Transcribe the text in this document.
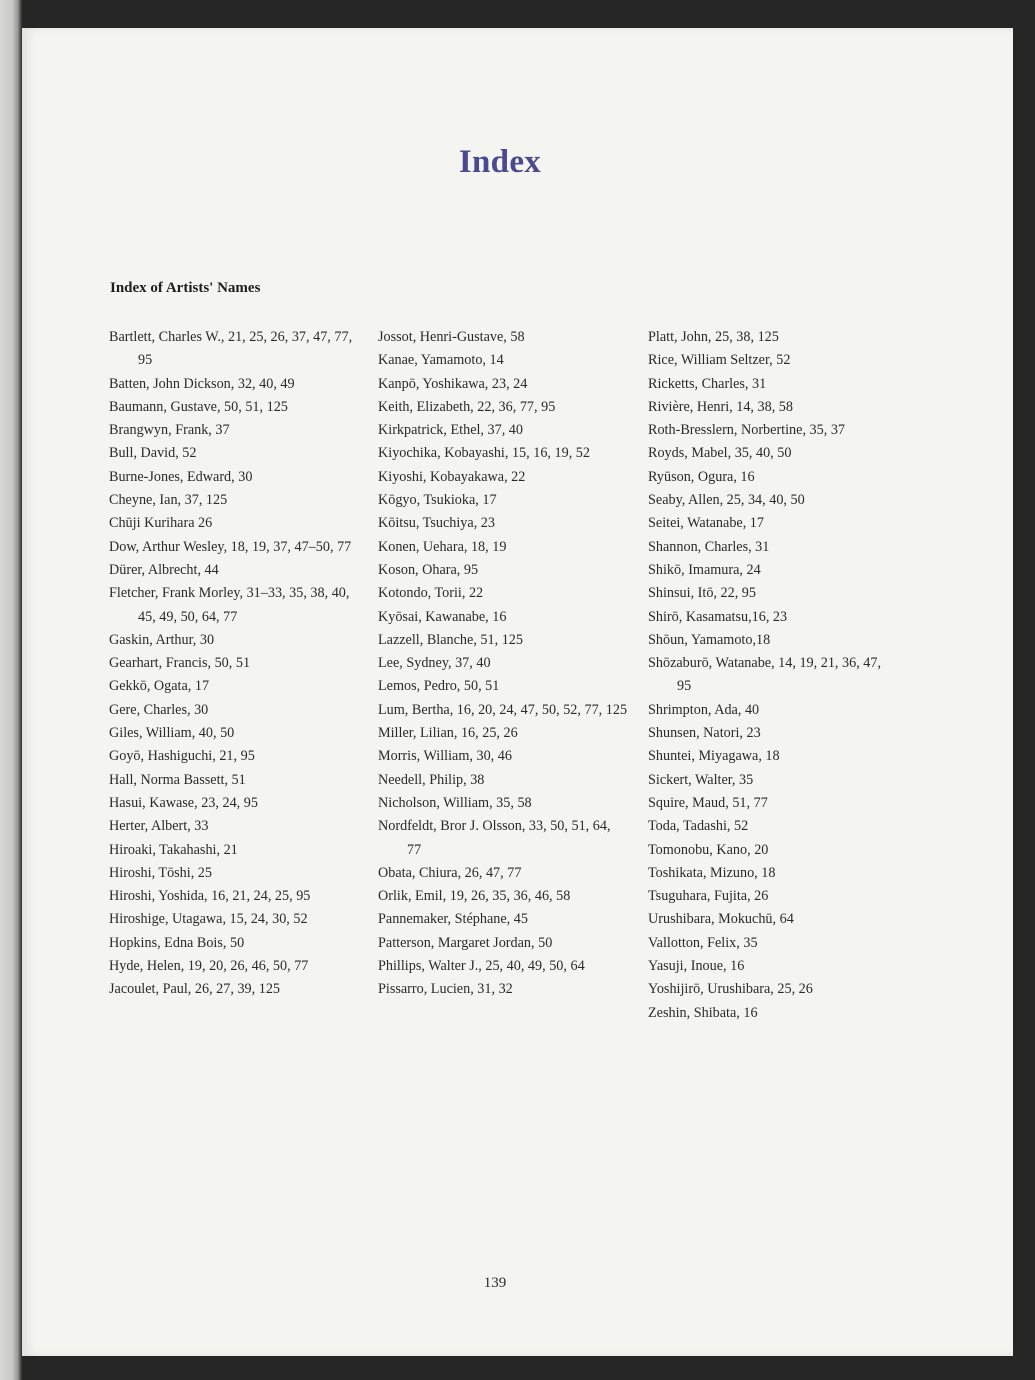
Index
Index of Artists' Names
Bartlett, Charles W., 21, 25, 26, 37, 47, 77, 95
Batten, John Dickson, 32, 40, 49
Baumann, Gustave, 50, 51, 125
Brangwyn, Frank, 37
Bull, David, 52
Burne-Jones, Edward, 30
Cheyne, Ian, 37, 125
Chūji Kurihara 26
Dow, Arthur Wesley, 18, 19, 37, 47–50, 77
Dürer, Albrecht, 44
Fletcher, Frank Morley, 31–33, 35, 38, 40, 45, 49, 50, 64, 77
Gaskin, Arthur, 30
Gearhart, Francis, 50, 51
Gekkō, Ogata, 17
Gere, Charles, 30
Giles, William, 40, 50
Goyō, Hashiguchi, 21, 95
Hall, Norma Bassett, 51
Hasui, Kawase, 23, 24, 95
Herter, Albert, 33
Hiroaki, Takahashi, 21
Hiroshi, Tōshi, 25
Hiroshi, Yoshida, 16, 21, 24, 25, 95
Hiroshige, Utagawa, 15, 24, 30, 52
Hopkins, Edna Bois, 50
Hyde, Helen, 19, 20, 26, 46, 50, 77
Jacoulet, Paul, 26, 27, 39, 125
Jossot, Henri-Gustave, 58
Kanae, Yamamoto, 14
Kanpō, Yoshikawa, 23, 24
Keith, Elizabeth, 22, 36, 77, 95
Kirkpatrick, Ethel, 37, 40
Kiyochika, Kobayashi, 15, 16, 19, 52
Kiyoshi, Kobayakawa, 22
Kōgyo, Tsukioka, 17
Kōitsu, Tsuchiya, 23
Konen, Uehara, 18, 19
Koson, Ohara, 95
Kotondo, Torii, 22
Kyōsai, Kawanabe, 16
Lazzell, Blanche, 51, 125
Lee, Sydney, 37, 40
Lemos, Pedro, 50, 51
Lum, Bertha, 16, 20, 24, 47, 50, 52, 77, 125
Miller, Lilian, 16, 25, 26
Morris, William, 30, 46
Needell, Philip, 38
Nicholson, William, 35, 58
Nordfeldt, Bror J. Olsson, 33, 50, 51, 64, 77
Obata, Chiura, 26, 47, 77
Orlik, Emil, 19, 26, 35, 36, 46, 58
Pannemaker, Stéphane, 45
Patterson, Margaret Jordan, 50
Phillips, Walter J., 25, 40, 49, 50, 64
Pissarro, Lucien, 31, 32
Platt, John, 25, 38, 125
Rice, William Seltzer, 52
Ricketts, Charles, 31
Rivière, Henri, 14, 38, 58
Roth-Bresslern, Norbertine, 35, 37
Royds, Mabel, 35, 40, 50
Ryūson, Ogura, 16
Seaby, Allen, 25, 34, 40, 50
Seitei, Watanabe, 17
Shannon, Charles, 31
Shikō, Imamura, 24
Shinsui, Itō, 22, 95
Shirō, Kasamatsu,16, 23
Shōun, Yamamoto,18
Shōzaburō, Watanabe, 14, 19, 21, 36, 47, 95
Shrimpton, Ada, 40
Shunsen, Natori, 23
Shuntei, Miyagawa, 18
Sickert, Walter, 35
Squire, Maud, 51, 77
Toda, Tadashi, 52
Tomonobu, Kano, 20
Toshikata, Mizuno, 18
Tsuguhara, Fujita, 26
Urushibara, Mokuchū, 64
Vallotton, Felix, 35
Yasuji, Inoue, 16
Yoshijirō, Urushibara, 25, 26
Zeshin, Shibata, 16
139
